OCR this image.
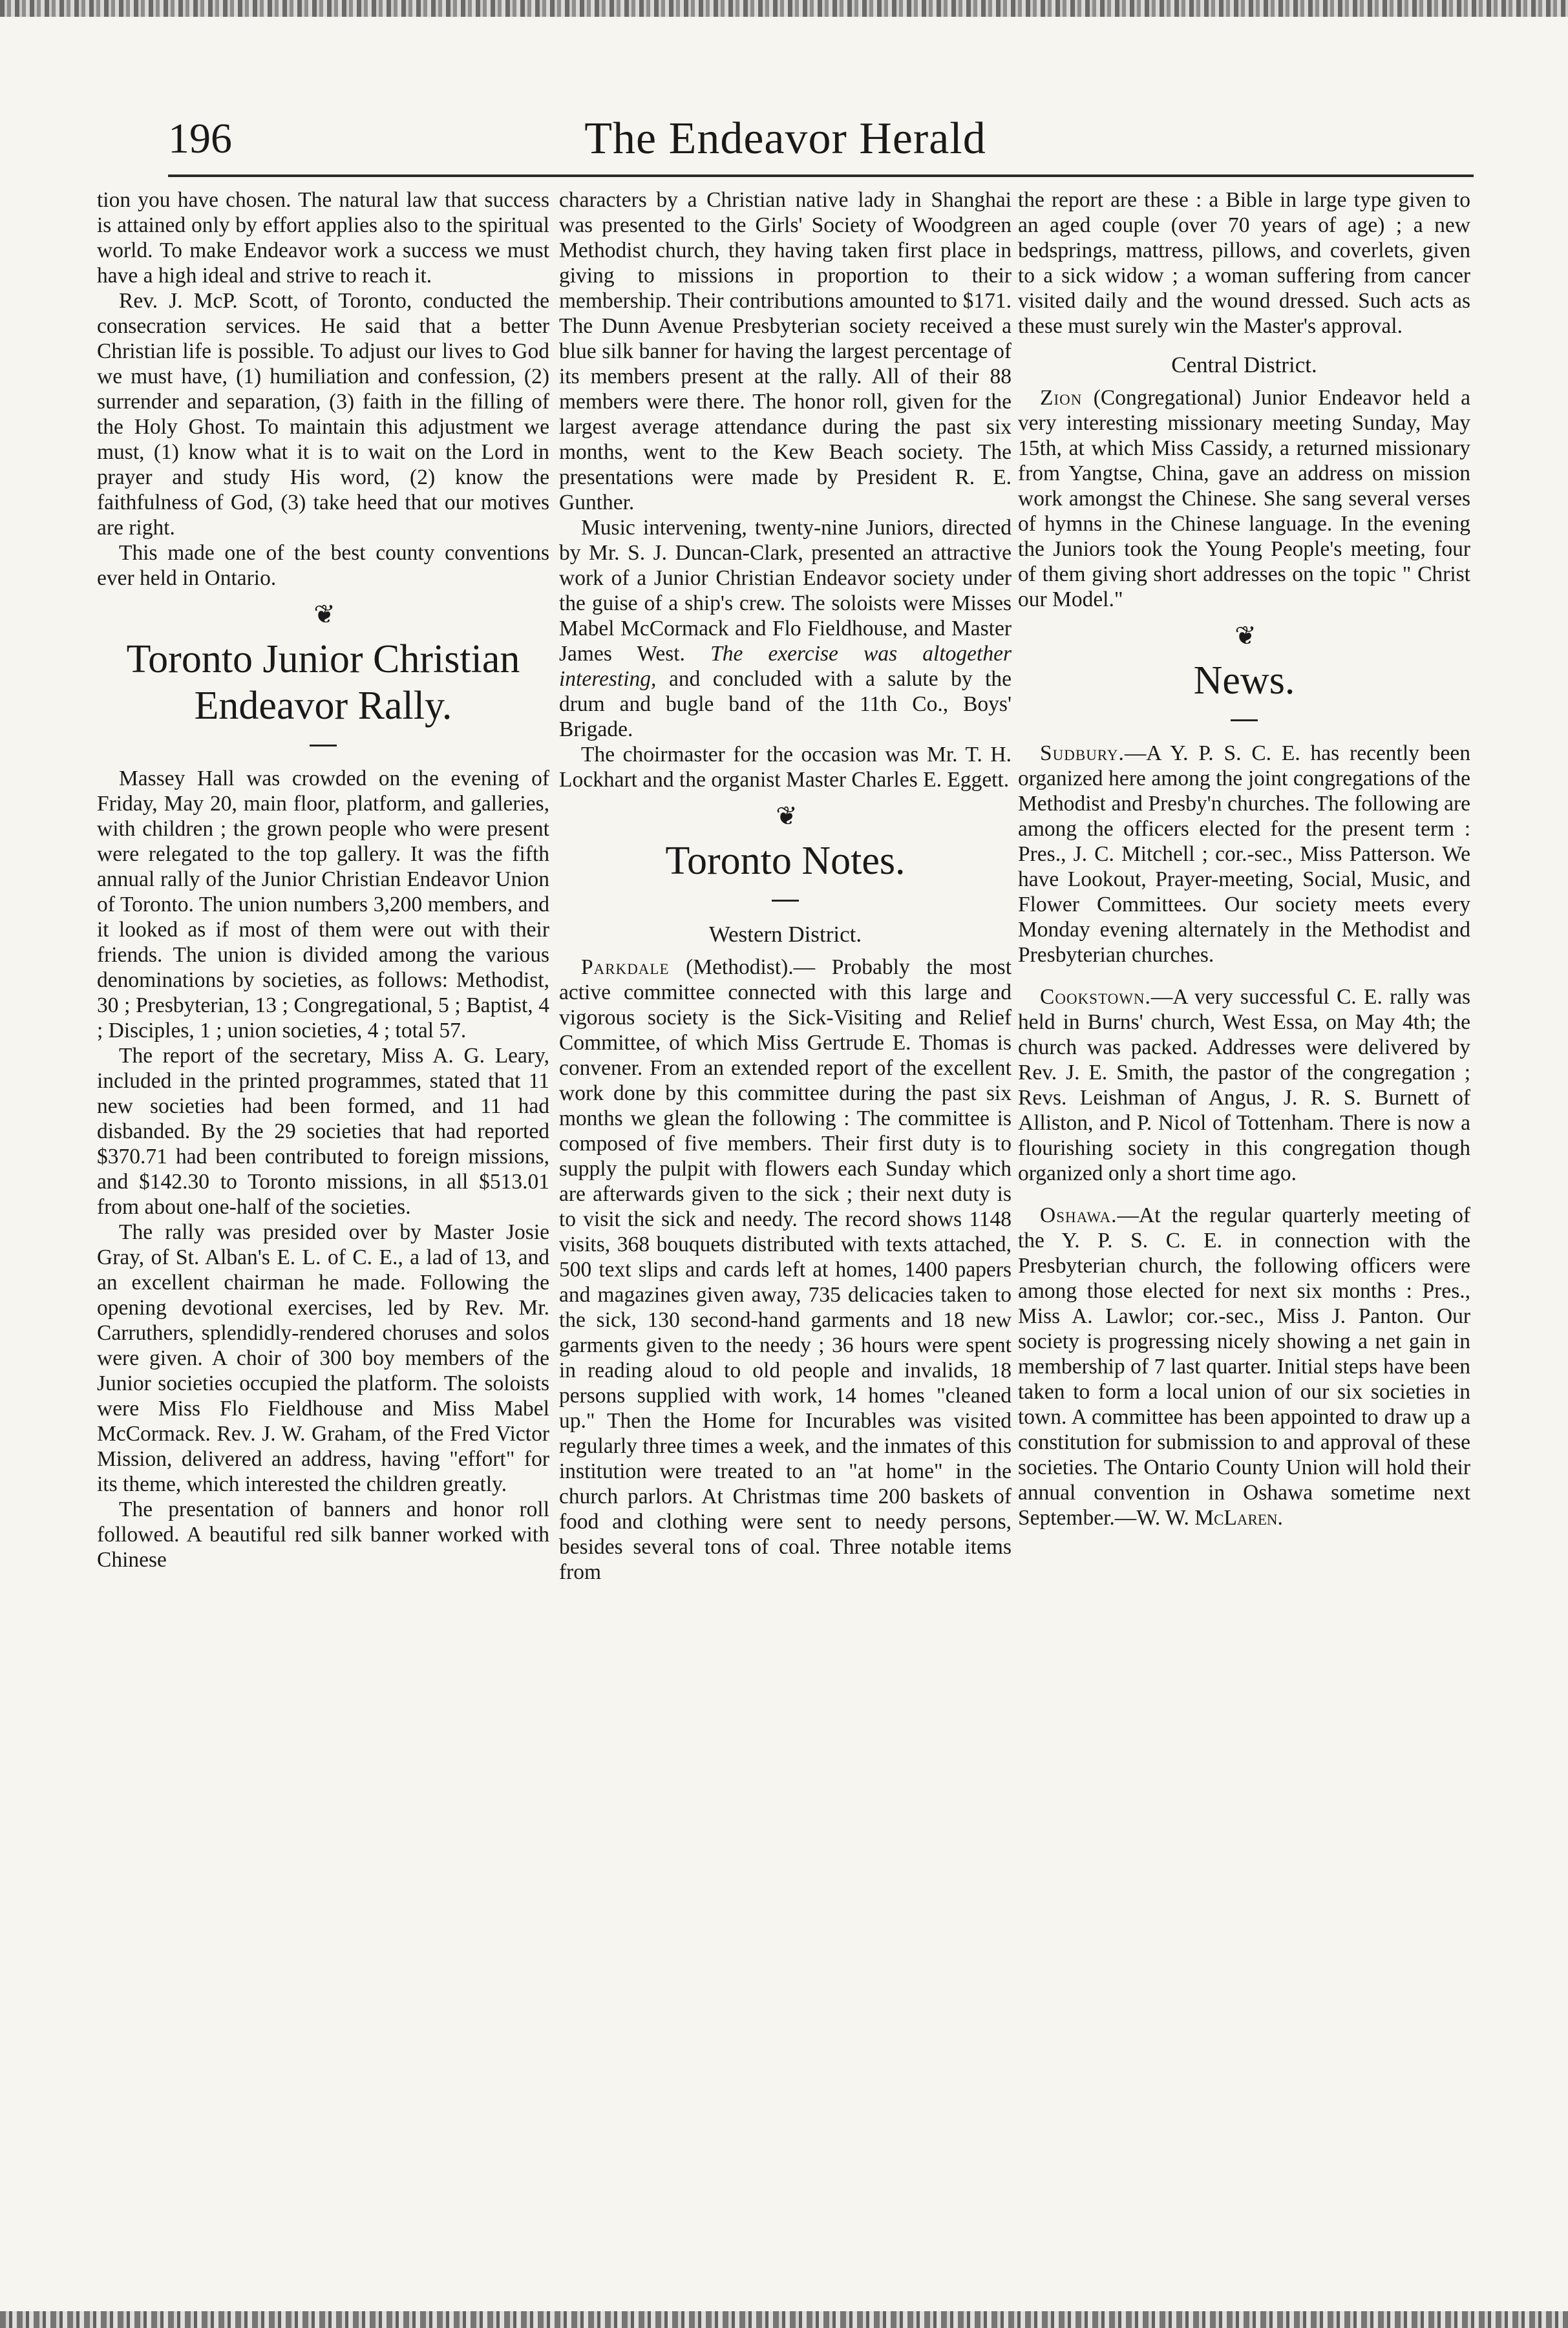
196	The Endeavor Herald

tion you have chosen. The natural law that success is attained only by effort applies also to the spiritual world. To make Endeavor work a success we must have a high ideal and strive to reach it.

Rev. J. McP. Scott, of Toronto, conducted the consecration services. He said that a better Christian life is possible. To adjust our lives to God we must have, (1) humiliation and confession, (2) surrender and separation, (3) faith in the filling of the Holy Ghost. To maintain this adjustment we must, (1) know what it is to wait on the Lord in prayer and study His word, (2) know the faithfulness of God, (3) take heed that our motives are right.

This made one of the best county conventions ever held in Ontario.

❦
Toronto Junior Christian Endeavor Rally.

Massey Hall was crowded on the evening of Friday, May 20, main floor, platform, and galleries, with children ; the grown people who were present were relegated to the top gallery. It was the fifth annual rally of the Junior Christian Endeavor Union of Toronto. The union numbers 3,200 members, and it looked as if most of them were out with their friends. The union is divided among the various denominations by societies, as follows: Methodist, 30 ; Presbyterian, 13 ; Congregational, 5 ; Baptist, 4 ; Disciples, 1 ; union societies, 4 ; total 57.

The report of the secretary, Miss A. G. Leary, included in the printed programmes, stated that 11 new societies had been formed, and 11 had disbanded. By the 29 societies that had reported $370.71 had been contributed to foreign missions, and $142.30 to Toronto missions, in all $513.01 from about one-half of the societies.

The rally was presided over by Master Josie Gray, of St. Alban's E. L. of C. E., a lad of 13, and an excellent chairman he made. Following the opening devotional exercises, led by Rev. Mr. Carruthers, splendidly-rendered choruses and solos were given. A choir of 300 boy members of the Junior societies occupied the platform. The soloists were Miss Flo Fieldhouse and Miss Mabel McCormack. Rev. J. W. Graham, of the Fred Victor Mission, delivered an address, having "effort" for its theme, which interested the children greatly.

The presentation of banners and honor roll followed. A beautiful red silk banner worked with Chinese

characters by a Christian native lady in Shanghai was presented to the Girls' Society of Woodgreen Methodist church, they having taken first place in giving to missions in proportion to their membership. Their contributions amounted to $171. The Dunn Avenue Presbyterian society received a blue silk banner for having the largest percentage of its members present at the rally. All of their 88 members were there. The honor roll, given for the largest average attendance during the past six months, went to the Kew Beach society. The presentations were made by President R. E. Gunther.

Music intervening, twenty-nine Juniors, directed by Mr. S. J. Duncan-Clark, presented an attractive work of a Junior Christian Endeavor society under the guise of a ship's crew. The soloists were Misses Mabel McCormack and Flo Fieldhouse, and Master James West. The exercise was altogether interesting, and concluded with a salute by the drum and bugle band of the 11th Co., Boys' Brigade.

The choirmaster for the occasion was Mr. T. H. Lockhart and the organist Master Charles E. Eggett.

❦
Toronto Notes.
Western District.

Parkdale (Methodist).— Probably the most active committee connected with this large and vigorous society is the Sick-Visiting and Relief Committee, of which Miss Gertrude E. Thomas is convener. From an extended report of the excellent work done by this committee during the past six months we glean the following : The committee is composed of five members. Their first duty is to supply the pulpit with flowers each Sunday which are afterwards given to the sick ; their next duty is to visit the sick and needy. The record shows 1148 visits, 368 bouquets distributed with texts attached, 500 text slips and cards left at homes, 1400 papers and magazines given away, 735 delicacies taken to the sick, 130 second-hand garments and 18 new garments given to the needy ; 36 hours were spent in reading aloud to old people and invalids, 18 persons supplied with work, 14 homes "cleaned up." Then the Home for Incurables was visited regularly three times a week, and the inmates of this institution were treated to an "at home" in the church parlors. At Christmas time 200 baskets of food and clothing were sent to needy persons, besides several tons of coal. Three notable items from

the report are these : a Bible in large type given to an aged couple (over 70 years of age) ; a new bedsprings, mattress, pillows, and coverlets, given to a sick widow ; a woman suffering from cancer visited daily and the wound dressed. Such acts as these must surely win the Master's approval.

Central District.

Zion (Congregational) Junior Endeavor held a very interesting missionary meeting Sunday, May 15th, at which Miss Cassidy, a returned missionary from Yangtse, China, gave an address on mission work amongst the Chinese. She sang several verses of hymns in the Chinese language. In the evening the Juniors took the Young People's meeting, four of them giving short addresses on the topic " Christ our Model."

❦
News.

Sudbury.—A Y. P. S. C. E. has recently been organized here among the joint congregations of the Methodist and Presby'n churches. The following are among the officers elected for the present term : Pres., J. C. Mitchell ; cor.-sec., Miss Patterson. We have Lookout, Prayer-meeting, Social, Music, and Flower Committees. Our society meets every Monday evening alternately in the Methodist and Presbyterian churches.

Cookstown.—A very successful C. E. rally was held in Burns' church, West Essa, on May 4th; the church was packed. Addresses were delivered by Rev. J. E. Smith, the pastor of the congregation ; Revs. Leishman of Angus, J. R. S. Burnett of Alliston, and P. Nicol of Tottenham. There is now a flourishing society in this congregation though organized only a short time ago.

Oshawa.—At the regular quarterly meeting of the Y. P. S. C. E. in connection with the Presbyterian church, the following officers were among those elected for next six months : Pres., Miss A. Lawlor; cor.-sec., Miss J. Panton. Our society is progressing nicely showing a net gain in membership of 7 last quarter. Initial steps have been taken to form a local union of our six societies in town. A committee has been appointed to draw up a constitution for submission to and approval of these societies. The Ontario County Union will hold their annual convention in Oshawa sometime next September.—W. W. McLaren.
